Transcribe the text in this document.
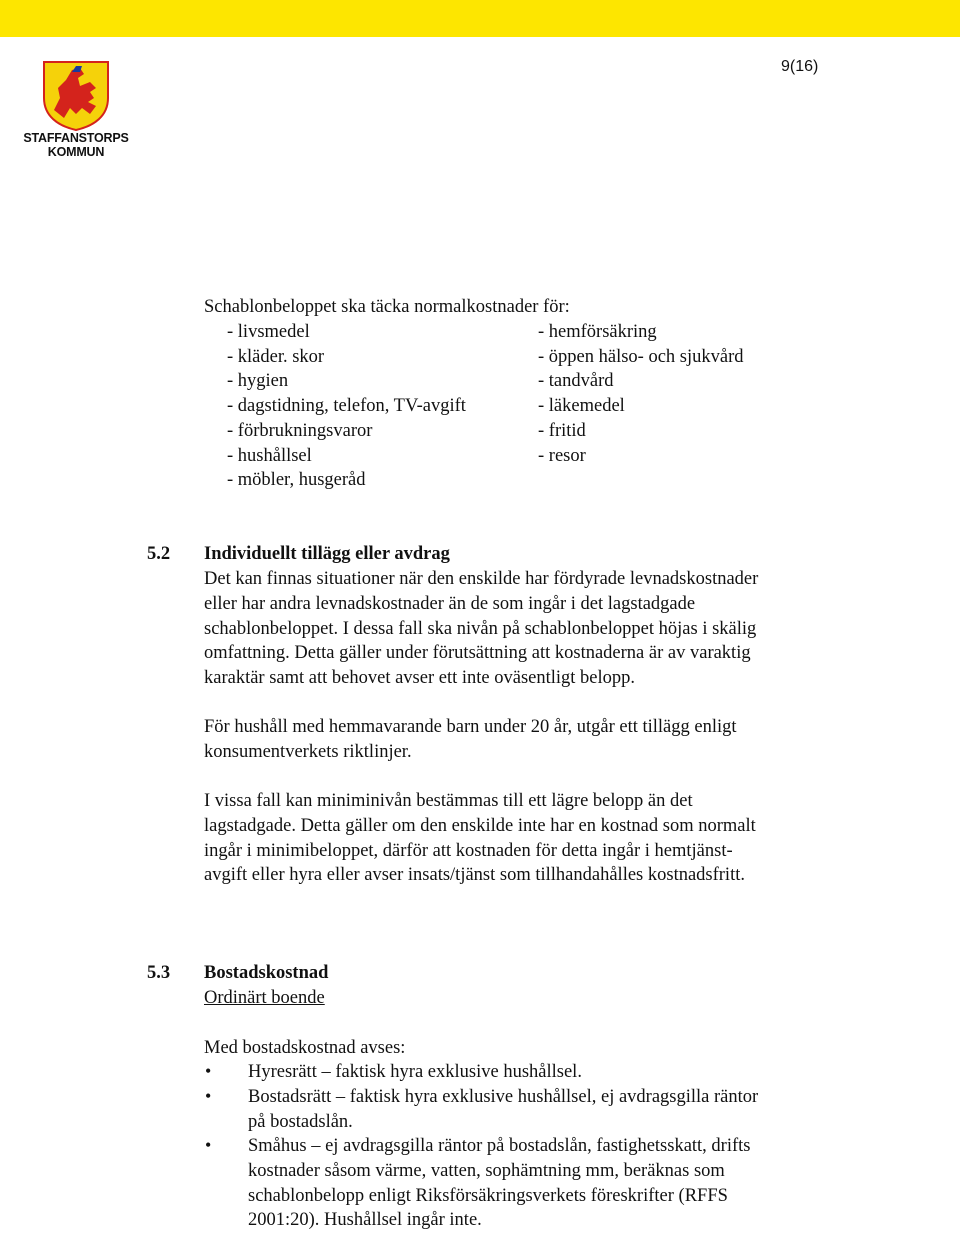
9(16)
STAFFANSTORPS
KOMMUN
Schablonbeloppet ska täcka normalkostnader för:
- livsmedel
- kläder. skor
- hygien
- dagstidning, telefon, TV-avgift
- förbrukningsvaror
- hushållsel
- möbler, husgeråd
- hemförsäkring
- öppen hälso- och sjukvård
- tandvård
- läkemedel
- fritid
- resor
5.2 Individuellt tillägg eller avdrag
Det kan finnas situationer när den enskilde har fördyrade levnadskostnader
eller har andra levnadskostnader än de som ingår i det lagstadgade
schablonbeloppet. I dessa fall ska nivån på schablonbeloppet höjas i skälig
omfattning. Detta gäller under förutsättning att kostnaderna är av varaktig
karaktär samt att behovet avser ett inte oväsentligt belopp.
För hushåll med hemmavarande barn under 20 år, utgår ett tillägg enligt
konsumentverkets riktlinjer.
I vissa fall kan miniminivån bestämmas till ett lägre belopp än det
lagstadgade. Detta gäller om den enskilde inte har en kostnad som normalt
ingår i minimibeloppet, därför att kostnaden för detta ingår i hemtjänst-
avgift eller hyra eller avser insats/tjänst som tillhandahålles kostnadsfritt.
5.3 Bostadskostnad
Ordinärt boende
Med bostadskostnad avses:
• Hyresrätt – faktisk hyra exklusive hushållsel.
• Bostadsrätt – faktisk hyra exklusive hushållsel, ej avdragsgilla räntor
på bostadslån.
• Småhus – ej avdragsgilla räntor på bostadslån, fastighetsskatt, drifts
kostnader såsom värme, vatten, sophämtning mm, beräknas som
schablonbelopp enligt Riksförsäkringsverkets föreskrifter (RFFS
2001:20). Hushållsel ingår inte.
